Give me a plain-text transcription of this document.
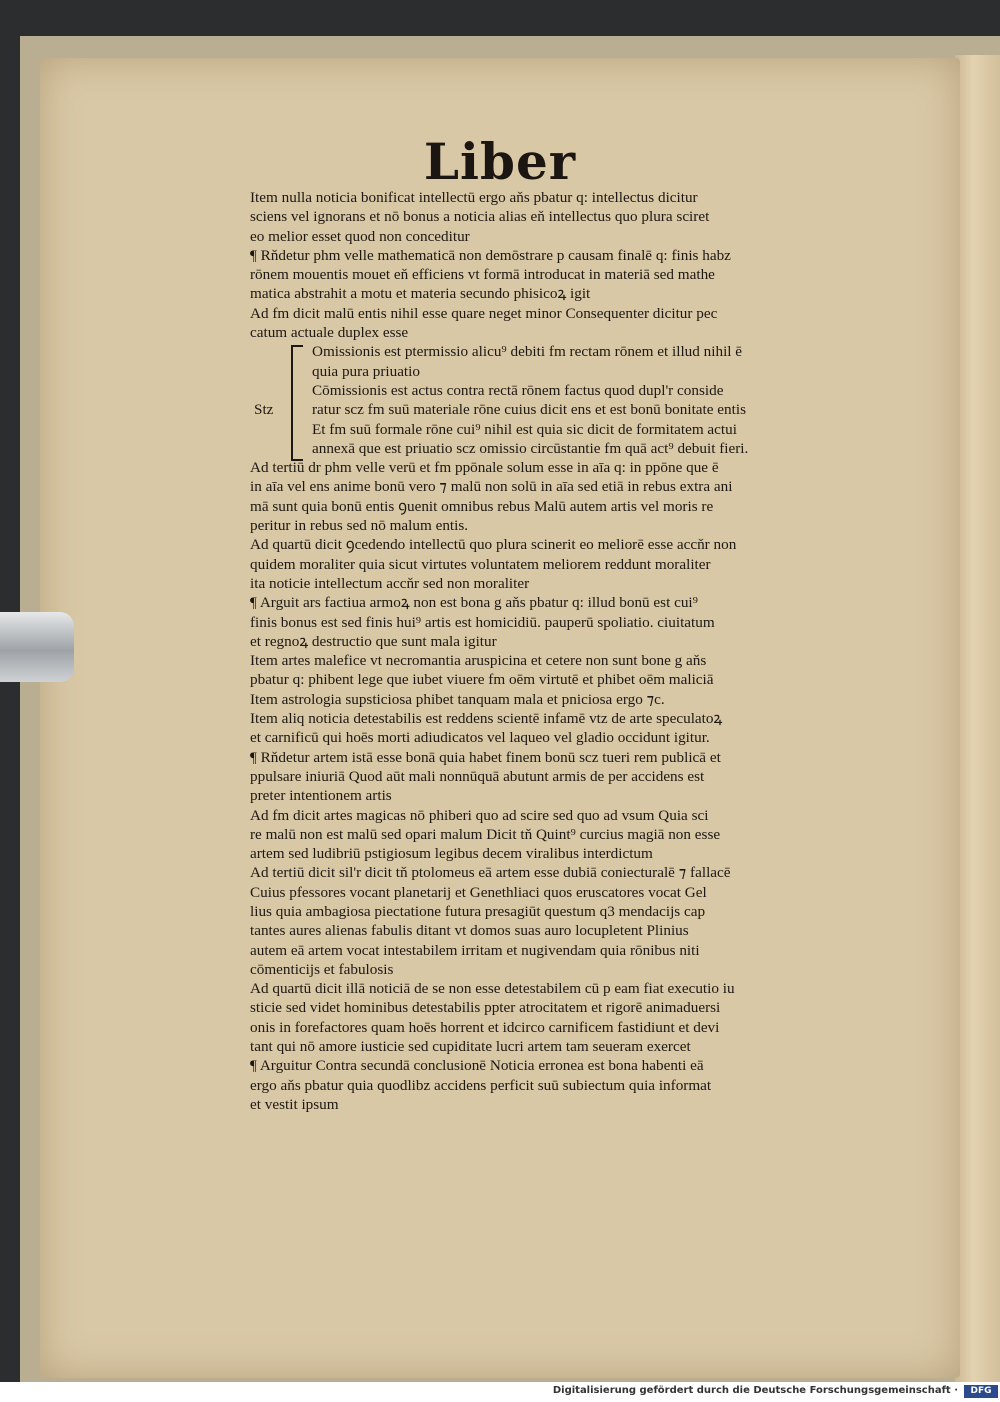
Liber
Stz
Item nulla noticia bonificat intellectū ergo aňs pbatur q: intellectus dicitur
sciens vel ignorans et nō bonus a noticia alias eň intellectus quo plura sciret
eo melior esset quod non conceditur
¶ Rňdetur phm velle mathematicā non demōstrare p causam finalē q: finis habz
rōnem mouentis mouet eň efficiens vt formā introducat in materiā sed mathe
matica abstrahit a motu et materia secundo phisicoꝝ igit
Ad fm dicit malū entis nihil esse quare neget minor Consequenter dicitur pec
catum actuale duplex esse
Omissionis est ptermissio alicu⁹ debiti fm rectam rōnem et illud nihil ē
quia pura priuatio
Cōmissionis est actus contra rectā rōnem factus quod dupl'r conside
ratur scz fm suū materiale rōne cuius dicit ens et est bonū bonitate entis
Et fm suū formale rōne cui⁹ nihil est quia sic dicit de formitatem actui
annexā que est priuatio scz omissio circūstantie fm quā act⁹ debuit fieri.
Ad tertiū dr phm velle verū et fm ppōnale solum esse in aīa q: in ppōne que ē
in aīa vel ens anime bonū vero ⁊ malū non solū in aīa sed etiā in rebus extra ani
mā sunt quia bonū entis ꝯuenit omnibus rebus Malū autem artis vel moris re
peritur in rebus sed nō malum entis.
Ad quartū dicit ꝯcedendo intellectū quo plura scinerit eo meliorē esse accňr non
quidem moraliter quia sicut virtutes voluntatem meliorem reddunt moraliter
ita noticie intellectum accňr sed non moraliter
¶ Arguit ars factiua armoꝝ non est bona g aňs pbatur q: illud bonū est cui⁹
finis bonus est sed finis hui⁹ artis est homicidiū. pauperū spoliatio. ciuitatum
et regnoꝝ destructio que sunt mala igitur
Item artes malefice vt necromantia aruspicina et cetere non sunt bone g aňs
pbatur q: phibent lege que iubet viuere fm oēm virtutē et phibet oēm maliciā
Item astrologia supsticiosa phibet tanquam mala et pniciosa ergo ⁊c.
Item aliq noticia detestabilis est reddens scientē infamē vtz de arte speculatoꝝ
et carnificū qui hoēs morti adiudicatos vel laqueo vel gladio occidunt igitur.
¶ Rňdetur artem istā esse bonā quia habet finem bonū scz tueri rem publicā et
ppulsare iniuriā Quod aūt mali nonnūquā abutunt armis de per accidens est
preter intentionem artis
Ad fm dicit artes magicas nō phiberi quo ad scire sed quo ad vsum Quia sci
re malū non est malū sed opari malum Dicit tň Quint⁹ curcius magiā non esse
artem sed ludibriū pstigiosum legibus decem viralibus interdictum
Ad tertiū dicit sil'r dicit tň ptolomeus eā artem esse dubiā coniecturalē ⁊ fallacē
Cuius pfessores vocant planetarij et Genethliaci quos eruscatores vocat Gel
lius quia ambagiosa piectatione futura presagiūt questum q3 mendacijs cap
tantes aures alienas fabulis ditant vt domos suas auro locupletent Plinius
autem eā artem vocat intestabilem irritam et nugivendam quia rōnibus niti
cōmenticijs et fabulosis
Ad quartū dicit illā noticiā de se non esse detestabilem cū p eam fiat executio iu
sticie sed videt hominibus detestabilis ppter atrocitatem et rigorē animaduersi
onis in forefactores quam hoēs horrent et idcirco carnificem fastidiunt et devi
tant qui nō amore iusticie sed cupiditate lucri artem tam seueram exercet
¶ Arguitur Contra secundā conclusionē Noticia erronea est bona habenti eā
ergo aňs pbatur quia quodlibz accidens perficit suū subiectum quia informat
et vestit ipsum
Digitalisierung gefördert durch die Deutsche Forschungsgemeinschaft ·	DFG
